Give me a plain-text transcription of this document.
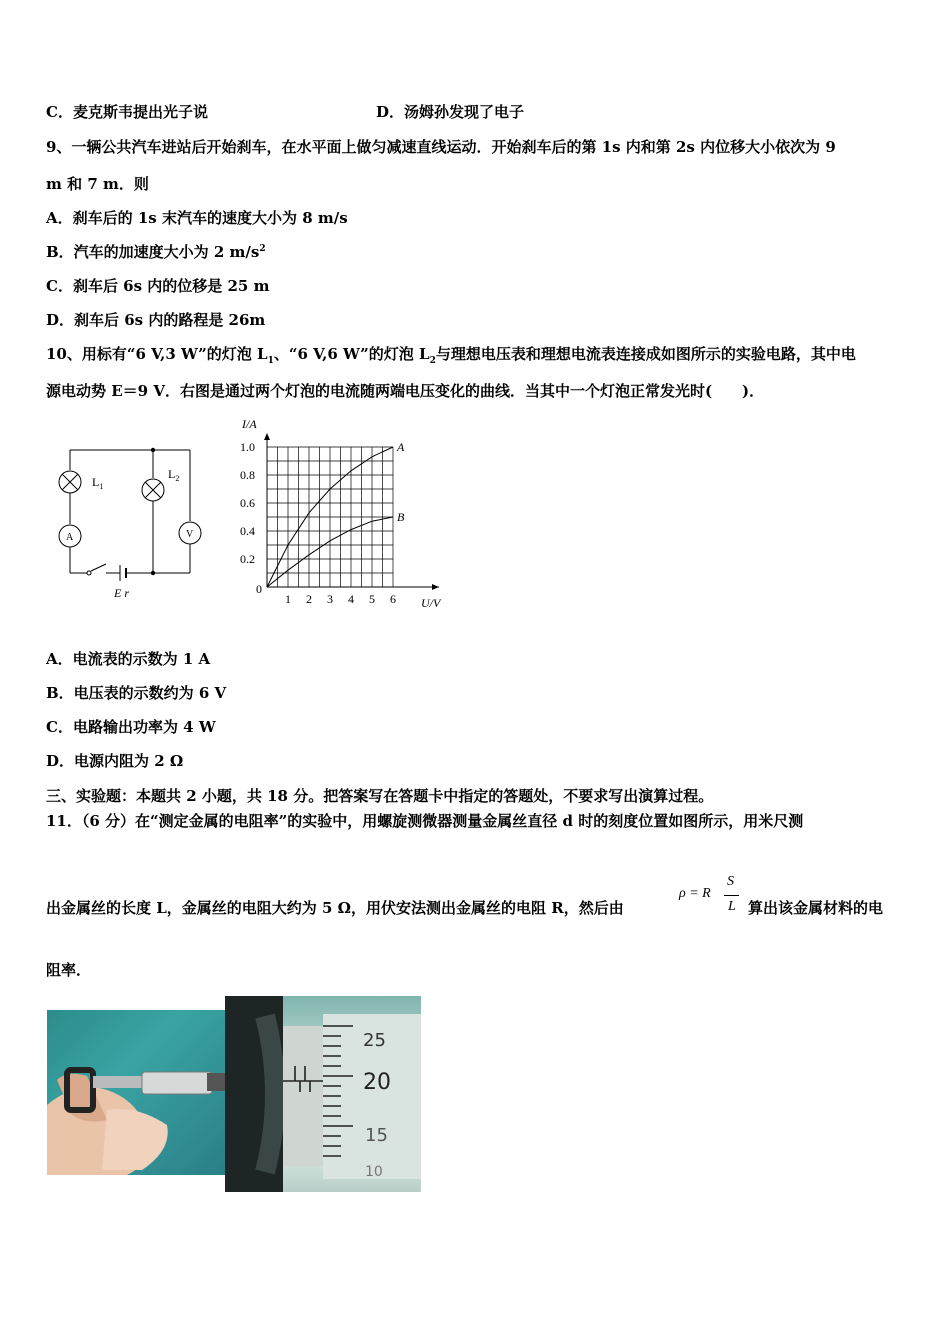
C．麦克斯韦提出光子说	D．汤姆孙发现了电子
9、一辆公共汽车进站后开始刹车，在水平面上做匀减速直线运动．开始刹车后的第 1s 内和第 2s 内位移大小依次为 9
m 和 7 m．则
A．刹车后的 1s 末汽车的速度大小为 8 m/s
B．汽车的加速度大小为 2 $m/s^2$
C．刹车后 6s 内的位移是 25 m
D．刹车后 6s 内的路程是 26m
10、用标有“6 V,3 W”的灯泡 $L_1$、“6 V,6 W”的灯泡 $L_2$与理想电压表和理想电流表连接成如图所示的实验电路，其中电
源电动势 E＝9 V．右图是通过两个灯泡的电流随两端电压变化的曲线．当其中一个灯泡正常发光时(　　)．
$L_1$
$L_2$
A	V
E r	1 2 3 4 5 6
0.2
0.4
0.6
0.8
1.0
0
U/V
I/A
A
B
A．电流表的示数为 1 A
B．电压表的示数约为 6 V
C．电路输出功率为 4 W
D．电源内阻为 2 Ω
三、实验题：本题共 2 小题，共 18 分。把答案写在答题卡中指定的答题处，不要求写出演算过程。
11．（6 分）在“测定金属的电阻率”的实验中，用螺旋测微器测量金属丝直径 d 时的刻度位置如图所示，用米尺测
出金属丝的长度 L，金属丝的电阻大约为 5 Ω，用伏安法测出金属丝的电阻 R，然后由
ρ = R
S
L 算出该金属材料的电
阻率．
25
20
15
10
